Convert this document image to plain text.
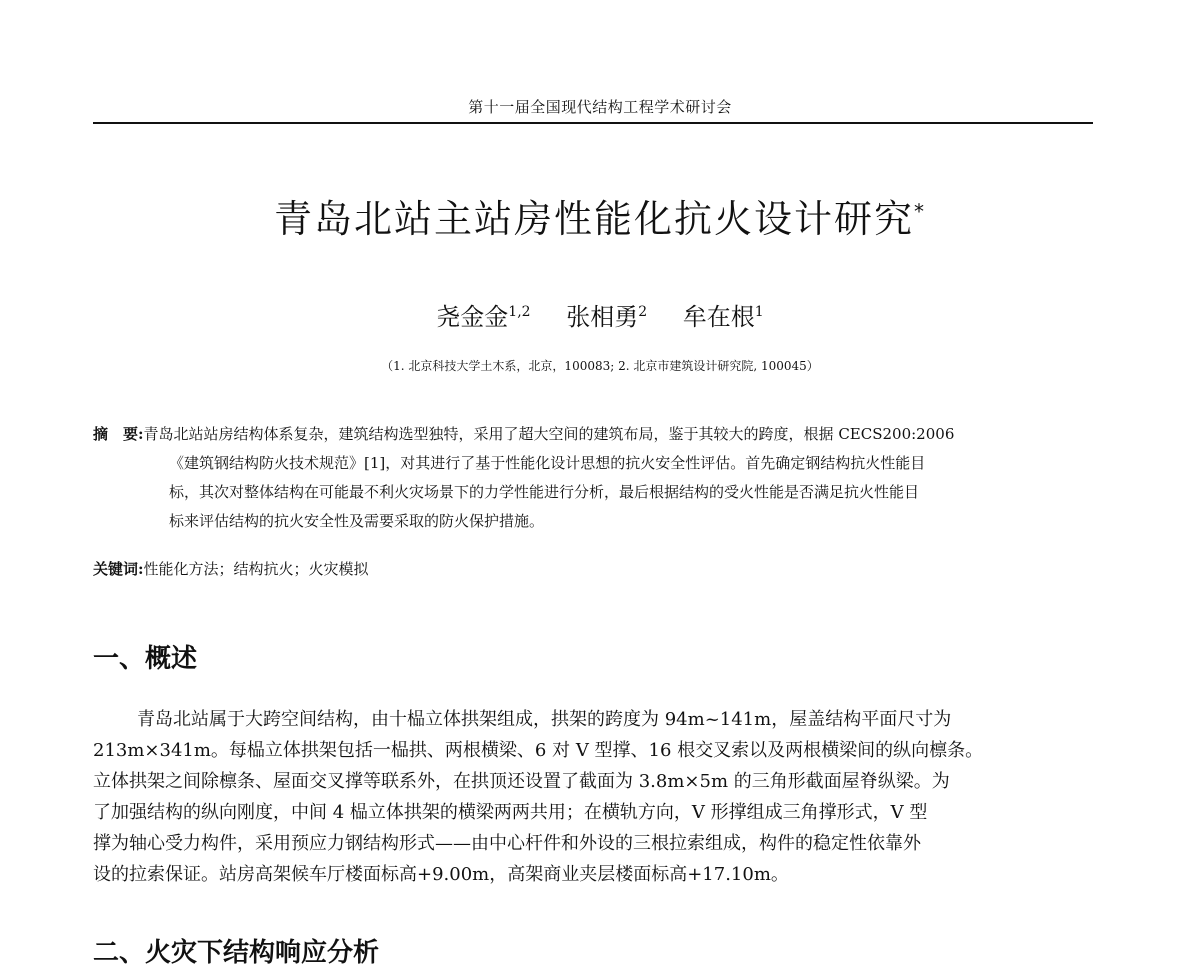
第十一届全国现代结构工程学术研讨会
青岛北站主站房性能化抗火设计研究*
尧金金$^{1,2}$ 张相勇$^2$ 牟在根$^1$
（1. 北京科技大学土木系，北京，100083; 2. 北京市建筑设计研究院, 100045）
摘　要:青岛北站站房结构体系复杂，建筑结构选型独特，采用了超大空间的建筑布局，鉴于其较大的跨度，根据 CECS200:2006
《建筑钢结构防火技术规范》[1]，对其进行了基于性能化设计思想的抗火安全性评估。首先确定钢结构抗火性能目
标，其次对整体结构在可能最不利火灾场景下的力学性能进行分析，最后根据结构的受火性能是否满足抗火性能目
标来评估结构的抗火安全性及需要采取的防火保护措施。
关键词:性能化方法；结构抗火；火灾模拟
一、概述
青岛北站属于大跨空间结构，由十榀立体拱架组成，拱架的跨度为 94m~141m，屋盖结构平面尺寸为
213m×341m。每榀立体拱架包括一榀拱、两根横梁、6 对 V 型撑、16 根交叉索以及两根横梁间的纵向檩条。
立体拱架之间除檩条、屋面交叉撑等联系外，在拱顶还设置了截面为 3.8m×5m 的三角形截面屋脊纵梁。为
了加强结构的纵向刚度，中间 4 榀立体拱架的横梁两两共用；在横轨方向，V 形撑组成三角撑形式，V 型
撑为轴心受力构件，采用预应力钢结构形式——由中心杆件和外设的三根拉索组成，构件的稳定性依靠外
设的拉索保证。站房高架候车厅楼面标高+9.00m，高架商业夹层楼面标高+17.10m。
二、火灾下结构响应分析
